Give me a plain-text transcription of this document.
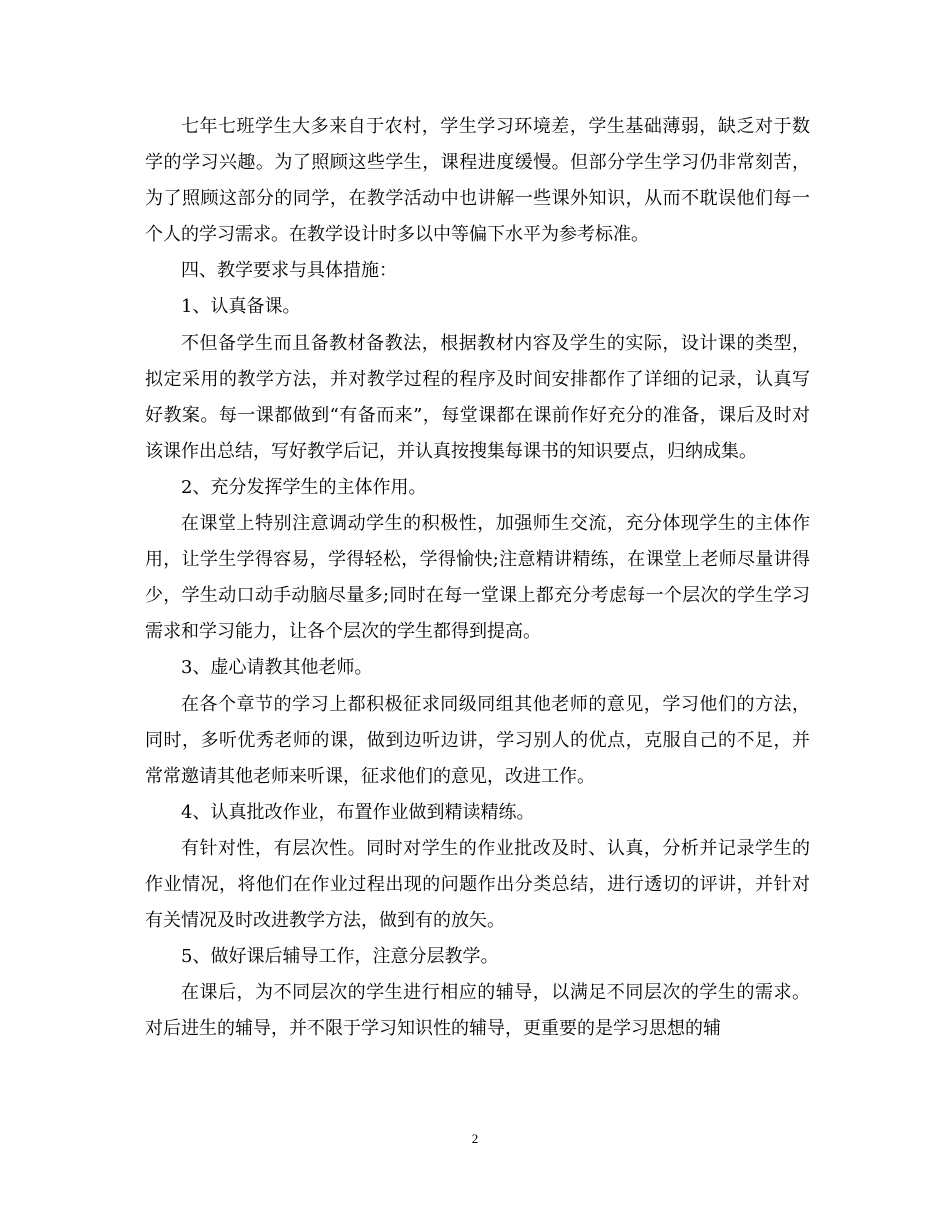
七年七班学生大多来自于农村，学生学习环境差，学生基础薄弱，缺乏对于数学的学习兴趣。为了照顾这些学生，课程进度缓慢。但部分学生学习仍非常刻苦，为了照顾这部分的同学，在教学活动中也讲解一些课外知识，从而不耽误他们每一个人的学习需求。在教学设计时多以中等偏下水平为参考标准。

四、教学要求与具体措施：

1、认真备课。

不但备学生而且备教材备教法，根据教材内容及学生的实际，设计课的类型，拟定采用的教学方法，并对教学过程的程序及时间安排都作了详细的记录，认真写好教案。每一课都做到“有备而来”，每堂课都在课前作好充分的准备，课后及时对该课作出总结，写好教学后记，并认真按搜集每课书的知识要点，归纳成集。

2、充分发挥学生的主体作用。

在课堂上特别注意调动学生的积极性，加强师生交流，充分体现学生的主体作用，让学生学得容易，学得轻松，学得愉快;注意精讲精练，在课堂上老师尽量讲得少，学生动口动手动脑尽量多;同时在每一堂课上都充分考虑每一个层次的学生学习需求和学习能力，让各个层次的学生都得到提高。

3、虚心请教其他老师。

在各个章节的学习上都积极征求同级同组其他老师的意见，学习他们的方法，同时，多听优秀老师的课，做到边听边讲，学习别人的优点，克服自己的不足，并常常邀请其他老师来听课，征求他们的意见，改进工作。

4、认真批改作业，布置作业做到精读精练。

有针对性，有层次性。同时对学生的作业批改及时、认真，分析并记录学生的作业情况，将他们在作业过程出现的问题作出分类总结，进行透切的评讲，并针对有关情况及时改进教学方法，做到有的放矢。

5、做好课后辅导工作，注意分层教学。

在课后，为不同层次的学生进行相应的辅导，以满足不同层次的学生的需求。对后进生的辅导，并不限于学习知识性的辅导，更重要的是学习思想的辅

2
